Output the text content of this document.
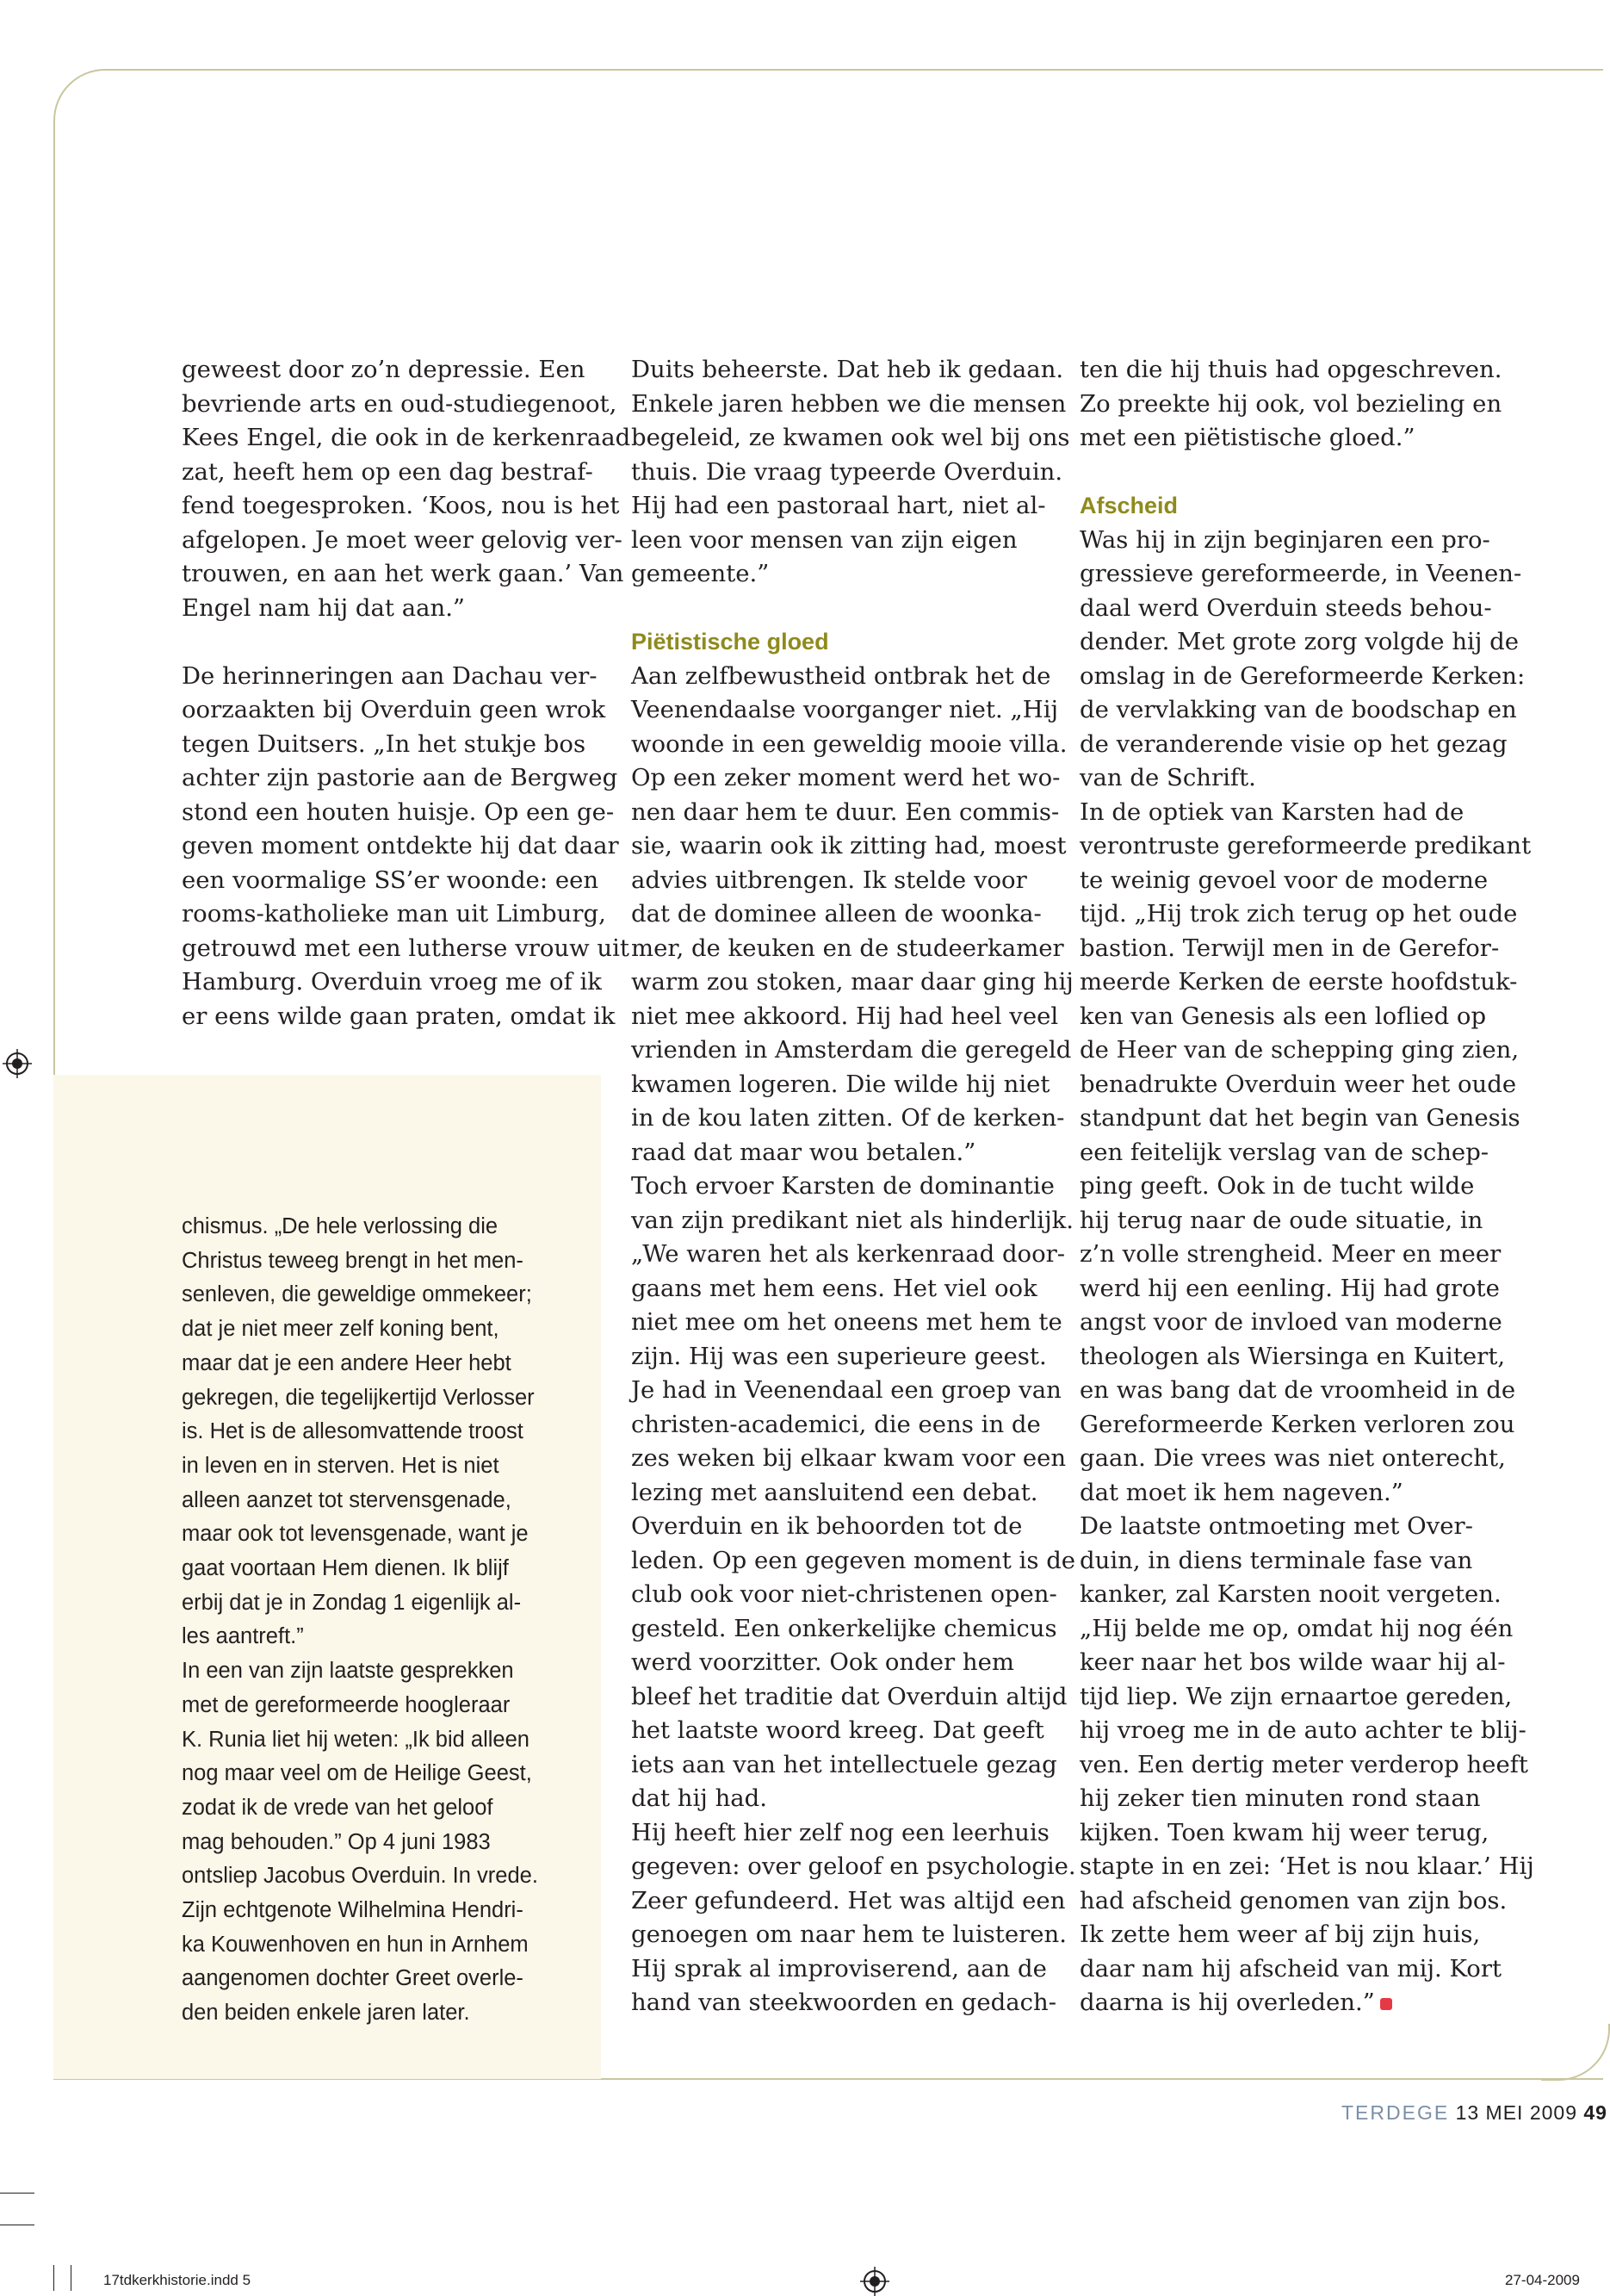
geweest door zo’n depressie. Een

bevriende arts en oud-studiegenoot,

Kees Engel, die ook in de kerkenraad

zat, heeft hem op een dag bestraf-

fend toegesproken. ‘Koos, nou is het

afgelopen. Je moet weer gelovig ver-

trouwen, en aan het werk gaan.’ Van

Engel nam hij dat aan.”

De herinneringen aan Dachau ver-

oorzaakten bij Overduin geen wrok

tegen Duitsers. „In het stukje bos

achter zijn pastorie aan de Bergweg

stond een houten huisje. Op een ge-

geven moment ontdekte hij dat daar

een voormalige SS’er woonde: een

rooms-katholieke man uit Limburg,

getrouwd met een lutherse vrouw uit

Hamburg. Overduin vroeg me of ik

er eens wilde gaan praten, omdat ik

chismus. „De hele verlossing die

Christus teweeg brengt in het men-

senleven, die geweldige ommekeer;

dat je niet meer zelf koning bent,

maar dat je een andere Heer hebt

gekregen, die tegelijkertijd Verlosser

is. Het is de allesomvattende troost

in leven en in sterven. Het is niet

alleen aanzet tot stervensgenade,

maar ook tot levensgenade, want je

gaat voortaan Hem dienen. Ik blijf

erbij dat je in Zondag 1 eigenlijk al-

les aantreft.”

In een van zijn laatste gesprekken

met de gereformeerde hoogleraar

K. Runia liet hij weten: „Ik bid alleen

nog maar veel om de Heilige Geest,

zodat ik de vrede van het geloof

mag behouden.” Op 4 juni 1983

ontsliep Jacobus Overduin. In vrede.

Zijn echtgenote Wilhelmina Hendri-

ka Kouwenhoven en hun in Arnhem

aangenomen dochter Greet overle-

den beiden enkele jaren later.

Duits beheerste. Dat heb ik gedaan.

Enkele jaren hebben we die mensen

begeleid, ze kwamen ook wel bij ons

thuis. Die vraag typeerde Overduin.

Hij had een pastoraal hart, niet al-

leen voor mensen van zijn eigen

gemeente.”

Piëtistische gloed

Aan zelfbewustheid ontbrak het de

Veenendaalse voorganger niet. „Hij

woonde in een geweldig mooie villa.

Op een zeker moment werd het wo-

nen daar hem te duur. Een commis-

sie, waarin ook ik zitting had, moest

advies uitbrengen. Ik stelde voor

dat de dominee alleen de woonka-

mer, de keuken en de studeerkamer

warm zou stoken, maar daar ging hij

niet mee akkoord. Hij had heel veel

vrienden in Amsterdam die geregeld

kwamen logeren. Die wilde hij niet

in de kou laten zitten. Of de kerken-

raad dat maar wou betalen.”

Toch ervoer Karsten de dominantie

van zijn predikant niet als hinderlijk.

„We waren het als kerkenraad door-

gaans met hem eens. Het viel ook

niet mee om het oneens met hem te

zijn. Hij was een superieure geest.

Je had in Veenendaal een groep van

christen-academici, die eens in de

zes weken bij elkaar kwam voor een

lezing met aansluitend een debat.

Overduin en ik behoorden tot de

leden. Op een gegeven moment is de

club ook voor niet-christenen open-

gesteld. Een onkerkelijke chemicus

werd voorzitter. Ook onder hem

bleef het traditie dat Overduin altijd

het laatste woord kreeg. Dat geeft

iets aan van het intellectuele gezag

dat hij had.

Hij heeft hier zelf nog een leerhuis

gegeven: over geloof en psychologie.

Zeer gefundeerd. Het was altijd een

genoegen om naar hem te luisteren.

Hij sprak al improviserend, aan de

hand van steekwoorden en gedach-

ten die hij thuis had opgeschreven.

Zo preekte hij ook, vol bezieling en

met een piëtistische gloed.”

Afscheid

Was hij in zijn beginjaren een pro-

gressieve gereformeerde, in Veenen-

daal werd Overduin steeds behou-

dender. Met grote zorg volgde hij de

omslag in de Gereformeerde Kerken:

de vervlakking van de boodschap en

de veranderende visie op het gezag

van de Schrift.

In de optiek van Karsten had de

verontruste gereformeerde predikant

te weinig gevoel voor de moderne

tijd. „Hij trok zich terug op het oude

bastion. Terwijl men in de Gerefor-

meerde Kerken de eerste hoofdstuk-

ken van Genesis als een loflied op

de Heer van de schepping ging zien,

benadrukte Overduin weer het oude

standpunt dat het begin van Genesis

een feitelijk verslag van de schep-

ping geeft. Ook in de tucht wilde

hij terug naar de oude situatie, in

z’n volle strengheid. Meer en meer

werd hij een eenling. Hij had grote

angst voor de invloed van moderne

theologen als Wiersinga en Kuitert,

en was bang dat de vroomheid in de

Gereformeerde Kerken verloren zou

gaan. Die vrees was niet onterecht,

dat moet ik hem nageven.”

De laatste ontmoeting met Over-

duin, in diens terminale fase van

kanker, zal Karsten nooit vergeten.

„Hij belde me op, omdat hij nog één

keer naar het bos wilde waar hij al-

tijd liep. We zijn ernaartoe gereden,

hij vroeg me in de auto achter te blij-

ven. Een dertig meter verderop heeft

hij zeker tien minuten rond staan

kijken. Toen kwam hij weer terug,

stapte in en zei: ‘Het is nou klaar.’ Hij

had afscheid genomen van zijn bos.

Ik zette hem weer af bij zijn huis,

daar nam hij afscheid van mij. Kort

daarna is hij overleden.”

TERDEGE 13 MEI 2009 49
17tdkerkhistorie.indd 5	27-04-2009
